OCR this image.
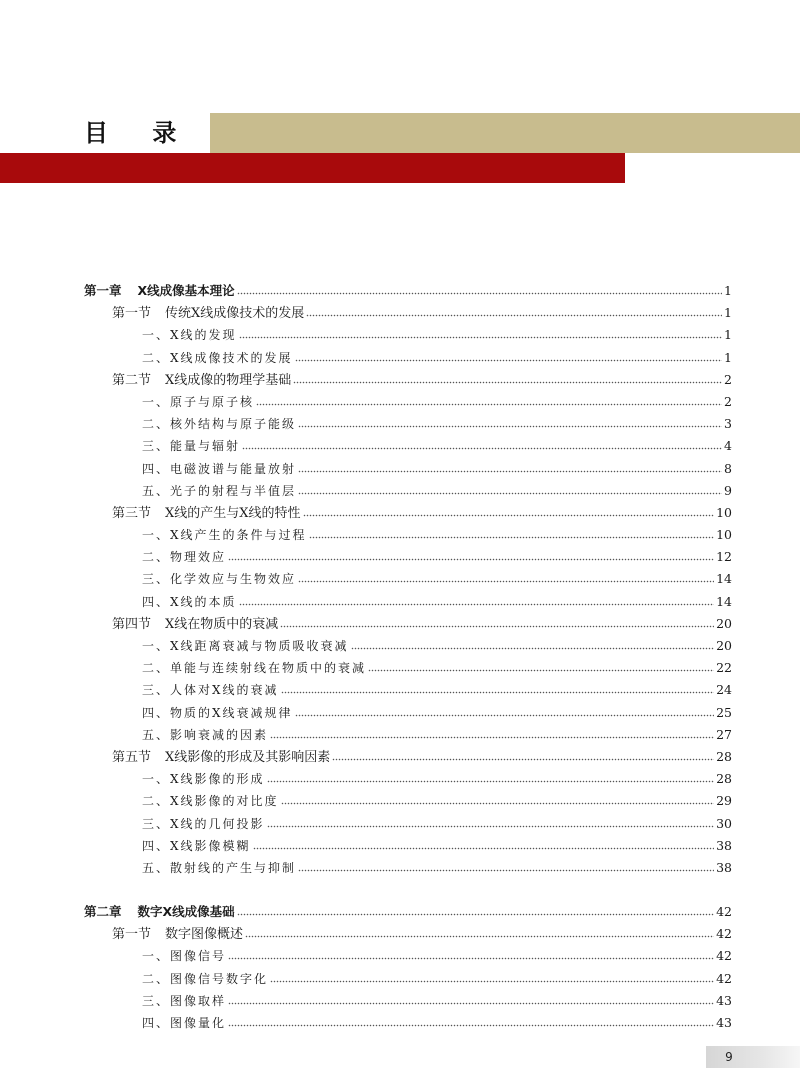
目 录
第一章 X线成像基本理论	1
第一节 传统X线成像技术的发展	1
一、X线的发现	1
二、X线成像技术的发展	1
第二节 X线成像的物理学基础	2
一、原子与原子核	2
二、核外结构与原子能级	3
三、能量与辐射	4
四、电磁波谱与能量放射	8
五、光子的射程与半值层	9
第三节 X线的产生与X线的特性	10
一、X线产生的条件与过程	10
二、物理效应	12
三、化学效应与生物效应	14
四、X线的本质	14
第四节 X线在物质中的衰减	20
一、X线距离衰减与物质吸收衰减	20
二、单能与连续射线在物质中的衰减	22
三、人体对X线的衰减	24
四、物质的X线衰减规律	25
五、影响衰减的因素	27
第五节 X线影像的形成及其影响因素	28
一、X线影像的形成	28
二、X线影像的对比度	29
三、X线的几何投影	30
四、X线影像模糊	38
五、散射线的产生与抑制	38
第二章 数字X线成像基础	42
第一节 数字图像概述	42
一、图像信号	42
二、图像信号数字化	42
三、图像取样	43
四、图像量化	43
9
